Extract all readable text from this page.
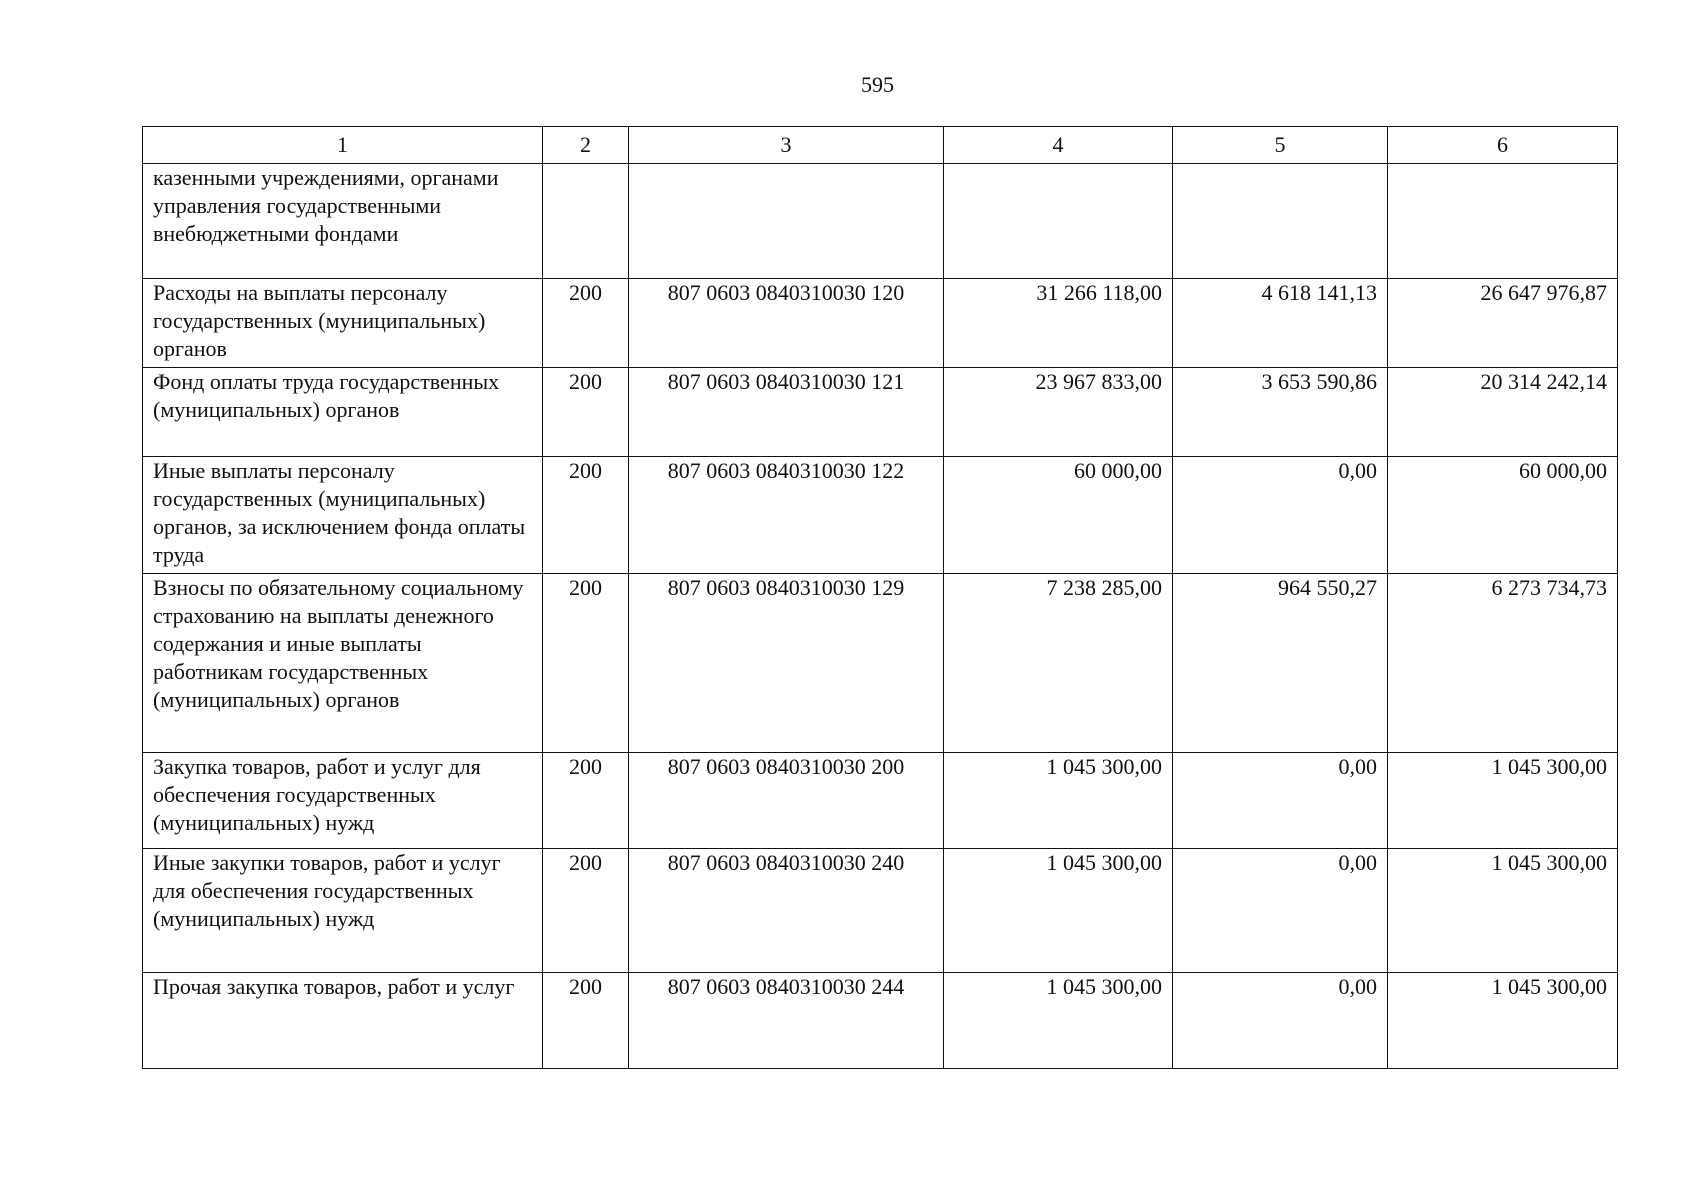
595
1	2	3	4	5	6
казенными учреждениями, органами управления государственными внебюджетными фондами					
Расходы на выплаты персоналу государственных (муниципальных) органов	200	807 0603 0840310030 120	31 266 118,00	4 618 141,13	26 647 976,87
Фонд оплаты труда государственных (муниципальных) органов	200	807 0603 0840310030 121	23 967 833,00	3 653 590,86	20 314 242,14
Иные выплаты персоналу государственных (муниципальных) органов, за исключением фонда оплаты труда	200	807 0603 0840310030 122	60 000,00	0,00	60 000,00
Взносы по обязательному социальному страхованию на выплаты денежного содержания и иные выплаты работникам государственных (муниципальных) органов	200	807 0603 0840310030 129	7 238 285,00	964 550,27	6 273 734,73
Закупка товаров, работ и услуг для обеспечения государственных (муниципальных) нужд	200	807 0603 0840310030 200	1 045 300,00	0,00	1 045 300,00
Иные закупки товаров, работ и услуг для обеспечения государственных (муниципальных) нужд	200	807 0603 0840310030 240	1 045 300,00	0,00	1 045 300,00
Прочая закупка товаров, работ и услуг	200	807 0603 0840310030 244	1 045 300,00	0,00	1 045 300,00
